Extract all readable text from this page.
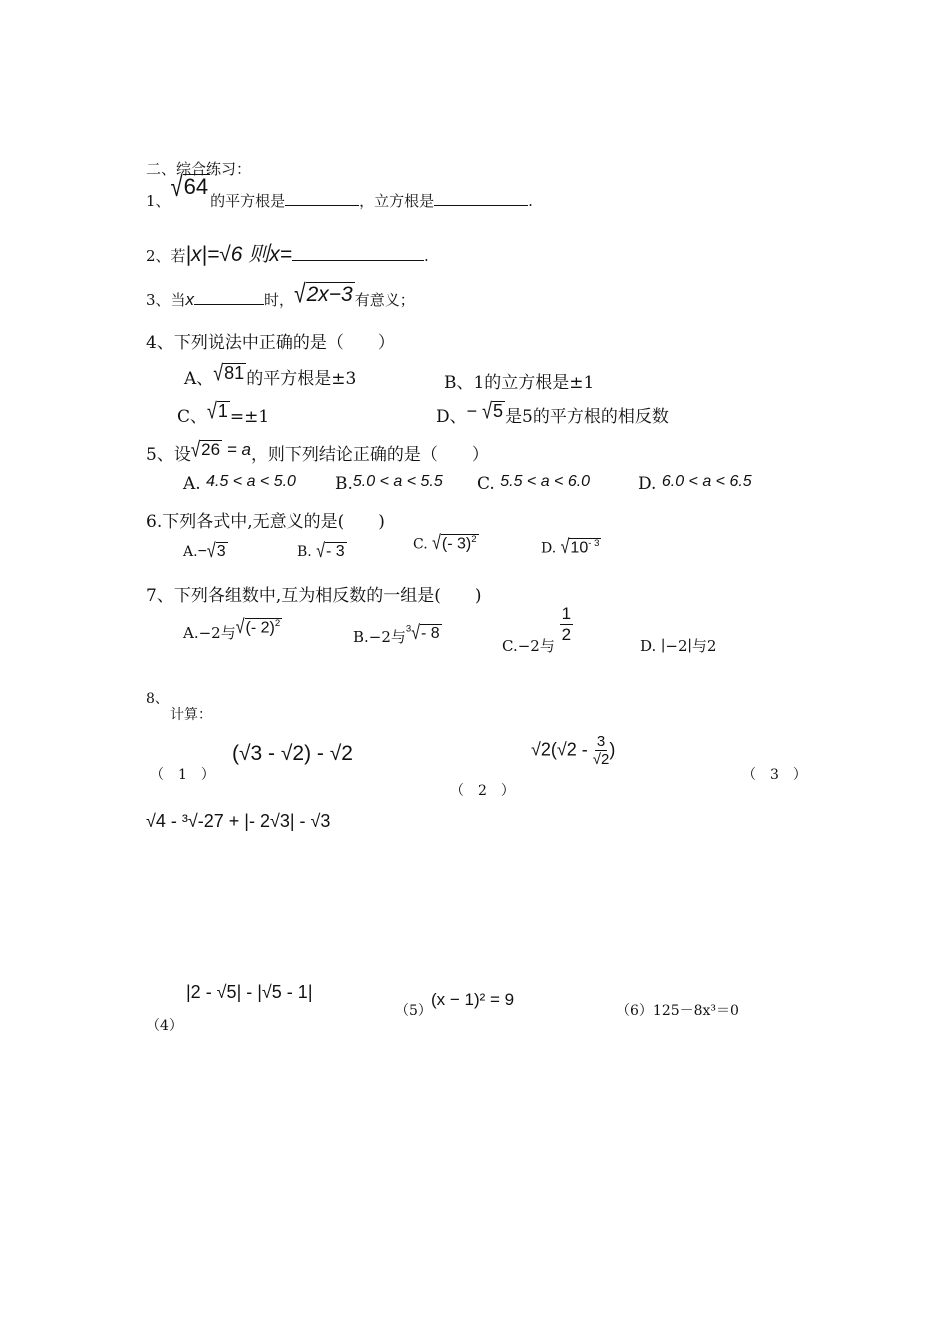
二、综合练习：
1、√64的平方根是	，立方根是	.
2、若|x|=√6 则x=	.
3、当x	时，√2x−3 有意义；
4、下列说法中正确的是（　　）
A、√81 的平方根是±3	B、1的立方根是±1
C、√1 =±1	D、− √5 是5的平方根的相反数
5、设√26 = a，则下列结论正确的是（　　）
A. 4.5 < a < 5.0 B.5.0 < a < 5.5 C. 5.5 < a < 6.0	D. 6.0 < a < 6.5
6.下列各式中,无意义的是(　　)
A.−√3	B. √- 3	C. √(- 3)$^2$
D. $√10^{- 3}$
7、下列各组数中,互为相反数的一组是(　　)
A.−2与√(- 2)$^2$
B.−2与$^3$√- 8
C.−2与
$\frac{1}{2}$
D. ∣−2∣与2
8、
计算：
（　1　）
(√3 - √2) - √2	$√2(√2 - \frac{3}{√2}$ )
（　2　）
（　3　）
√4 - ³√-27 + |- 2√3| - √3
|2 - √5| - |√5 - 1|
（4）
（5）
(x − 1)² = 9
（6）125－8x³＝0
